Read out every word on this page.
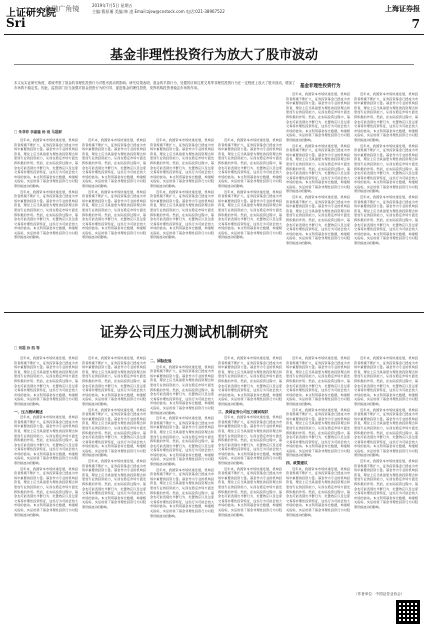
上证研究院
·金融广角镜
Sri
2019年7月5日 星期五
主编:曹原瑾 美编:林 凌 Email:zjsw@cnstock.com 电话:021-38967522	上海证券报
7
基金非理性投资行为放大了股市波动
本文从实证研究角度，系统考察了基金的非理性投资行为对股市波动的影响。研究结果表明，基金的羊群行为、处置效应和过度交易等非理性投资行为在一定程度上放大了股市波动，增加了市场的不稳定性。因此，监管部门应当加强对基金投资行为的引导，促进基金的理性投资，发挥机构投资者稳定市场的作用。	基金非理性投资行为
□ 朱菲菲 李惠璇 杨 雨 马超群

近年来，我国资本市场快速发展，机构投资者规模不断扩大，证券投资基金已经成为市场中重要的投资力量。基金作为专业的机构投资者，理论上应当具备更为理性的投资理念和更加专业的投资能力，从而在稳定市场方面发挥积极的作用。然而，在实际投资过程中，基金也可能表现出羊群行为、处置效应以及过度交易等非理性投资特征，这些行为可能会放大市场的波动。本文利用基金持仓数据，构建相关指标，实证检验了基金非理性投资行为对股票价格波动的影响。

近年来，我国资本市场快速发展，机构投资者规模不断扩大，证券投资基金已经成为市场中重要的投资力量。基金作为专业的机构投资者，理论上应当具备更为理性的投资理念和更加专业的投资能力，从而在稳定市场方面发挥积极的作用。然而，在实际投资过程中，基金也可能表现出羊群行为、处置效应以及过度交易等非理性投资特征，这些行为可能会放大市场的波动。本文利用基金持仓数据，构建相关指标，实证检验了基金非理性投资行为对股票价格波动的影响。

近年来，我国资本市场快速发展，机构投资者规模不断扩大，证券投资基金已经成为市场中重要的投资力量。基金作为专业的机构投资者，理论上应当具备更为理性的投资理念和更加专业的投资能力，从而在稳定市场方面发挥积极的作用。然而，在实际投资过程中，基金也可能表现出羊群行为、处置效应以及过度交易等非理性投资特征，这些行为可能会放大市场的波动。本文利用基金持仓数据，构建相关指标，实证检验了基金非理性投资行为对股票价格波动的影响。

近年来，我国资本市场快速发展，机构投资者规模不断扩大，证券投资基金已经成为市场中重要的投资力量。基金作为专业的机构投资者，理论上应当具备更为理性的投资理念和更加专业的投资能力，从而在稳定市场方面发挥积极的作用。然而，在实际投资过程中，基金也可能表现出羊群行为、处置效应以及过度交易等非理性投资特征，这些行为可能会放大市场的波动。本文利用基金持仓数据，构建相关指标，实证检验了基金非理性投资行为对股票价格波动的影响。

近年来，我国资本市场快速发展，机构投资者规模不断扩大，证券投资基金已经成为市场中重要的投资力量。基金作为专业的机构投资者，理论上应当具备更为理性的投资理念和更加专业的投资能力，从而在稳定市场方面发挥积极的作用。然而，在实际投资过程中，基金也可能表现出羊群行为、处置效应以及过度交易等非理性投资特征，这些行为可能会放大市场的波动。本文利用基金持仓数据，构建相关指标，实证检验了基金非理性投资行为对股票价格波动的影响。

近年来，我国资本市场快速发展，机构投资者规模不断扩大，证券投资基金已经成为市场中重要的投资力量。基金作为专业的机构投资者，理论上应当具备更为理性的投资理念和更加专业的投资能力，从而在稳定市场方面发挥积极的作用。然而，在实际投资过程中，基金也可能表现出羊群行为、处置效应以及过度交易等非理性投资特征，这些行为可能会放大市场的波动。本文利用基金持仓数据，构建相关指标，实证检验了基金非理性投资行为对股票价格波动的影响。

近年来，我国资本市场快速发展，机构投资者规模不断扩大，证券投资基金已经成为市场中重要的投资力量。基金作为专业的机构投资者，理论上应当具备更为理性的投资理念和更加专业的投资能力，从而在稳定市场方面发挥积极的作用。然而，在实际投资过程中，基金也可能表现出羊群行为、处置效应以及过度交易等非理性投资特征，这些行为可能会放大市场的波动。本文利用基金持仓数据，构建相关指标，实证检验了基金非理性投资行为对股票价格波动的影响。

近年来，我国资本市场快速发展，机构投资者规模不断扩大，证券投资基金已经成为市场中重要的投资力量。基金作为专业的机构投资者，理论上应当具备更为理性的投资理念和更加专业的投资能力，从而在稳定市场方面发挥积极的作用。然而，在实际投资过程中，基金也可能表现出羊群行为、处置效应以及过度交易等非理性投资特征，这些行为可能会放大市场的波动。本文利用基金持仓数据，构建相关指标，实证检验了基金非理性投资行为对股票价格波动的影响。

近年来，我国资本市场快速发展，机构投资者规模不断扩大，证券投资基金已经成为市场中重要的投资力量。基金作为专业的机构投资者，理论上应当具备更为理性的投资理念和更加专业的投资能力，从而在稳定市场方面发挥积极的作用。然而，在实际投资过程中，基金也可能表现出羊群行为、处置效应以及过度交易等非理性投资特征，这些行为可能会放大市场的波动。本文利用基金持仓数据，构建相关指标，实证检验了基金非理性投资行为对股票价格波动的影响。

近年来，我国资本市场快速发展，机构投资者规模不断扩大，证券投资基金已经成为市场中重要的投资力量。基金作为专业的机构投资者，理论上应当具备更为理性的投资理念和更加专业的投资能力，从而在稳定市场方面发挥积极的作用。然而，在实际投资过程中，基金也可能表现出羊群行为、处置效应以及过度交易等非理性投资特征，这些行为可能会放大市场的波动。本文利用基金持仓数据，构建相关指标，实证检验了基金非理性投资行为对股票价格波动的影响。

近年来，我国资本市场快速发展，机构投资者规模不断扩大，证券投资基金已经成为市场中重要的投资力量。基金作为专业的机构投资者，理论上应当具备更为理性的投资理念和更加专业的投资能力，从而在稳定市场方面发挥积极的作用。然而，在实际投资过程中，基金也可能表现出羊群行为、处置效应以及过度交易等非理性投资特征，这些行为可能会放大市场的波动。本文利用基金持仓数据，构建相关指标，实证检验了基金非理性投资行为对股票价格波动的影响。

近年来，我国资本市场快速发展，机构投资者规模不断扩大，证券投资基金已经成为市场中重要的投资力量。基金作为专业的机构投资者，理论上应当具备更为理性的投资理念和更加专业的投资能力，从而在稳定市场方面发挥积极的作用。然而，在实际投资过程中，基金也可能表现出羊群行为、处置效应以及过度交易等非理性投资特征，这些行为可能会放大市场的波动。本文利用基金持仓数据，构建相关指标，实证检验了基金非理性投资行为对股票价格波动的影响。

近年来，我国资本市场快速发展，机构投资者规模不断扩大，证券投资基金已经成为市场中重要的投资力量。基金作为专业的机构投资者，理论上应当具备更为理性的投资理念和更加专业的投资能力，从而在稳定市场方面发挥积极的作用。然而，在实际投资过程中，基金也可能表现出羊群行为、处置效应以及过度交易等非理性投资特征，这些行为可能会放大市场的波动。本文利用基金持仓数据，构建相关指标，实证检验了基金非理性投资行为对股票价格波动的影响。

近年来，我国资本市场快速发展，机构投资者规模不断扩大，证券投资基金已经成为市场中重要的投资力量。基金作为专业的机构投资者，理论上应当具备更为理性的投资理念和更加专业的投资能力，从而在稳定市场方面发挥积极的作用。然而，在实际投资过程中，基金也可能表现出羊群行为、处置效应以及过度交易等非理性投资特征，这些行为可能会放大市场的波动。本文利用基金持仓数据，构建相关指标，实证检验了基金非理性投资行为对股票价格波动的影响。

证券公司压力测试机制研究
□ 刘超 孙 凯 等

近年来，我国资本市场快速发展，机构投资者规模不断扩大，证券投资基金已经成为市场中重要的投资力量。基金作为专业的机构投资者，理论上应当具备更为理性的投资理念和更加专业的投资能力，从而在稳定市场方面发挥积极的作用。然而，在实际投资过程中，基金也可能表现出羊群行为、处置效应以及过度交易等非理性投资特征，这些行为可能会放大市场的波动。本文利用基金持仓数据，构建相关指标，实证检验了基金非理性投资行为对股票价格波动的影响。

一、压力测试概述

近年来，我国资本市场快速发展，机构投资者规模不断扩大，证券投资基金已经成为市场中重要的投资力量。基金作为专业的机构投资者，理论上应当具备更为理性的投资理念和更加专业的投资能力，从而在稳定市场方面发挥积极的作用。然而，在实际投资过程中，基金也可能表现出羊群行为、处置效应以及过度交易等非理性投资特征，这些行为可能会放大市场的波动。本文利用基金持仓数据，构建相关指标，实证检验了基金非理性投资行为对股票价格波动的影响。

近年来，我国资本市场快速发展，机构投资者规模不断扩大，证券投资基金已经成为市场中重要的投资力量。基金作为专业的机构投资者，理论上应当具备更为理性的投资理念和更加专业的投资能力，从而在稳定市场方面发挥积极的作用。然而，在实际投资过程中，基金也可能表现出羊群行为、处置效应以及过度交易等非理性投资特征，这些行为可能会放大市场的波动。本文利用基金持仓数据，构建相关指标，实证检验了基金非理性投资行为对股票价格波动的影响。

近年来，我国资本市场快速发展，机构投资者规模不断扩大，证券投资基金已经成为市场中重要的投资力量。基金作为专业的机构投资者，理论上应当具备更为理性的投资理念和更加专业的投资能力，从而在稳定市场方面发挥积极的作用。然而，在实际投资过程中，基金也可能表现出羊群行为、处置效应以及过度交易等非理性投资特征，这些行为可能会放大市场的波动。本文利用基金持仓数据，构建相关指标，实证检验了基金非理性投资行为对股票价格波动的影响。

近年来，我国资本市场快速发展，机构投资者规模不断扩大，证券投资基金已经成为市场中重要的投资力量。基金作为专业的机构投资者，理论上应当具备更为理性的投资理念和更加专业的投资能力，从而在稳定市场方面发挥积极的作用。然而，在实际投资过程中，基金也可能表现出羊群行为、处置效应以及过度交易等非理性投资特征，这些行为可能会放大市场的波动。本文利用基金持仓数据，构建相关指标，实证检验了基金非理性投资行为对股票价格波动的影响。

近年来，我国资本市场快速发展，机构投资者规模不断扩大，证券投资基金已经成为市场中重要的投资力量。基金作为专业的机构投资者，理论上应当具备更为理性的投资理念和更加专业的投资能力，从而在稳定市场方面发挥积极的作用。然而，在实际投资过程中，基金也可能表现出羊群行为、处置效应以及过度交易等非理性投资特征，这些行为可能会放大市场的波动。本文利用基金持仓数据，构建相关指标，实证检验了基金非理性投资行为对股票价格波动的影响。

二、国际经验

近年来，我国资本市场快速发展，机构投资者规模不断扩大，证券投资基金已经成为市场中重要的投资力量。基金作为专业的机构投资者，理论上应当具备更为理性的投资理念和更加专业的投资能力，从而在稳定市场方面发挥积极的作用。然而，在实际投资过程中，基金也可能表现出羊群行为、处置效应以及过度交易等非理性投资特征，这些行为可能会放大市场的波动。本文利用基金持仓数据，构建相关指标，实证检验了基金非理性投资行为对股票价格波动的影响。

近年来，我国资本市场快速发展，机构投资者规模不断扩大，证券投资基金已经成为市场中重要的投资力量。基金作为专业的机构投资者，理论上应当具备更为理性的投资理念和更加专业的投资能力，从而在稳定市场方面发挥积极的作用。然而，在实际投资过程中，基金也可能表现出羊群行为、处置效应以及过度交易等非理性投资特征，这些行为可能会放大市场的波动。本文利用基金持仓数据，构建相关指标，实证检验了基金非理性投资行为对股票价格波动的影响。

近年来，我国资本市场快速发展，机构投资者规模不断扩大，证券投资基金已经成为市场中重要的投资力量。基金作为专业的机构投资者，理论上应当具备更为理性的投资理念和更加专业的投资能力，从而在稳定市场方面发挥积极的作用。然而，在实际投资过程中，基金也可能表现出羊群行为、处置效应以及过度交易等非理性投资特征，这些行为可能会放大市场的波动。本文利用基金持仓数据，构建相关指标，实证检验了基金非理性投资行为对股票价格波动的影响。

近年来，我国资本市场快速发展，机构投资者规模不断扩大，证券投资基金已经成为市场中重要的投资力量。基金作为专业的机构投资者，理论上应当具备更为理性的投资理念和更加专业的投资能力，从而在稳定市场方面发挥积极的作用。然而，在实际投资过程中，基金也可能表现出羊群行为、处置效应以及过度交易等非理性投资特征，这些行为可能会放大市场的波动。本文利用基金持仓数据，构建相关指标，实证检验了基金非理性投资行为对股票价格波动的影响。

三、我国证券公司压力测试现状

近年来，我国资本市场快速发展，机构投资者规模不断扩大，证券投资基金已经成为市场中重要的投资力量。基金作为专业的机构投资者，理论上应当具备更为理性的投资理念和更加专业的投资能力，从而在稳定市场方面发挥积极的作用。然而，在实际投资过程中，基金也可能表现出羊群行为、处置效应以及过度交易等非理性投资特征，这些行为可能会放大市场的波动。本文利用基金持仓数据，构建相关指标，实证检验了基金非理性投资行为对股票价格波动的影响。

近年来，我国资本市场快速发展，机构投资者规模不断扩大，证券投资基金已经成为市场中重要的投资力量。基金作为专业的机构投资者，理论上应当具备更为理性的投资理念和更加专业的投资能力，从而在稳定市场方面发挥积极的作用。然而，在实际投资过程中，基金也可能表现出羊群行为、处置效应以及过度交易等非理性投资特征，这些行为可能会放大市场的波动。本文利用基金持仓数据，构建相关指标，实证检验了基金非理性投资行为对股票价格波动的影响。

近年来，我国资本市场快速发展，机构投资者规模不断扩大，证券投资基金已经成为市场中重要的投资力量。基金作为专业的机构投资者，理论上应当具备更为理性的投资理念和更加专业的投资能力，从而在稳定市场方面发挥积极的作用。然而，在实际投资过程中，基金也可能表现出羊群行为、处置效应以及过度交易等非理性投资特征，这些行为可能会放大市场的波动。本文利用基金持仓数据，构建相关指标，实证检验了基金非理性投资行为对股票价格波动的影响。

近年来，我国资本市场快速发展，机构投资者规模不断扩大，证券投资基金已经成为市场中重要的投资力量。基金作为专业的机构投资者，理论上应当具备更为理性的投资理念和更加专业的投资能力，从而在稳定市场方面发挥积极的作用。然而，在实际投资过程中，基金也可能表现出羊群行为、处置效应以及过度交易等非理性投资特征，这些行为可能会放大市场的波动。本文利用基金持仓数据，构建相关指标，实证检验了基金非理性投资行为对股票价格波动的影响。

四、政策建议

近年来，我国资本市场快速发展，机构投资者规模不断扩大，证券投资基金已经成为市场中重要的投资力量。基金作为专业的机构投资者，理论上应当具备更为理性的投资理念和更加专业的投资能力，从而在稳定市场方面发挥积极的作用。然而，在实际投资过程中，基金也可能表现出羊群行为、处置效应以及过度交易等非理性投资特征，这些行为可能会放大市场的波动。本文利用基金持仓数据，构建相关指标，实证检验了基金非理性投资行为对股票价格波动的影响。

近年来，我国资本市场快速发展，机构投资者规模不断扩大，证券投资基金已经成为市场中重要的投资力量。基金作为专业的机构投资者，理论上应当具备更为理性的投资理念和更加专业的投资能力，从而在稳定市场方面发挥积极的作用。然而，在实际投资过程中，基金也可能表现出羊群行为、处置效应以及过度交易等非理性投资特征，这些行为可能会放大市场的波动。本文利用基金持仓数据，构建相关指标，实证检验了基金非理性投资行为对股票价格波动的影响。

近年来，我国资本市场快速发展，机构投资者规模不断扩大，证券投资基金已经成为市场中重要的投资力量。基金作为专业的机构投资者，理论上应当具备更为理性的投资理念和更加专业的投资能力，从而在稳定市场方面发挥积极的作用。然而，在实际投资过程中，基金也可能表现出羊群行为、处置效应以及过度交易等非理性投资特征，这些行为可能会放大市场的波动。本文利用基金持仓数据，构建相关指标，实证检验了基金非理性投资行为对股票价格波动的影响。

近年来，我国资本市场快速发展，机构投资者规模不断扩大，证券投资基金已经成为市场中重要的投资力量。基金作为专业的机构投资者，理论上应当具备更为理性的投资理念和更加专业的投资能力，从而在稳定市场方面发挥积极的作用。然而，在实际投资过程中，基金也可能表现出羊群行为、处置效应以及过度交易等非理性投资特征，这些行为可能会放大市场的波动。本文利用基金持仓数据，构建相关指标，实证检验了基金非理性投资行为对股票价格波动的影响。

（作者单位：中国证券业协会）
